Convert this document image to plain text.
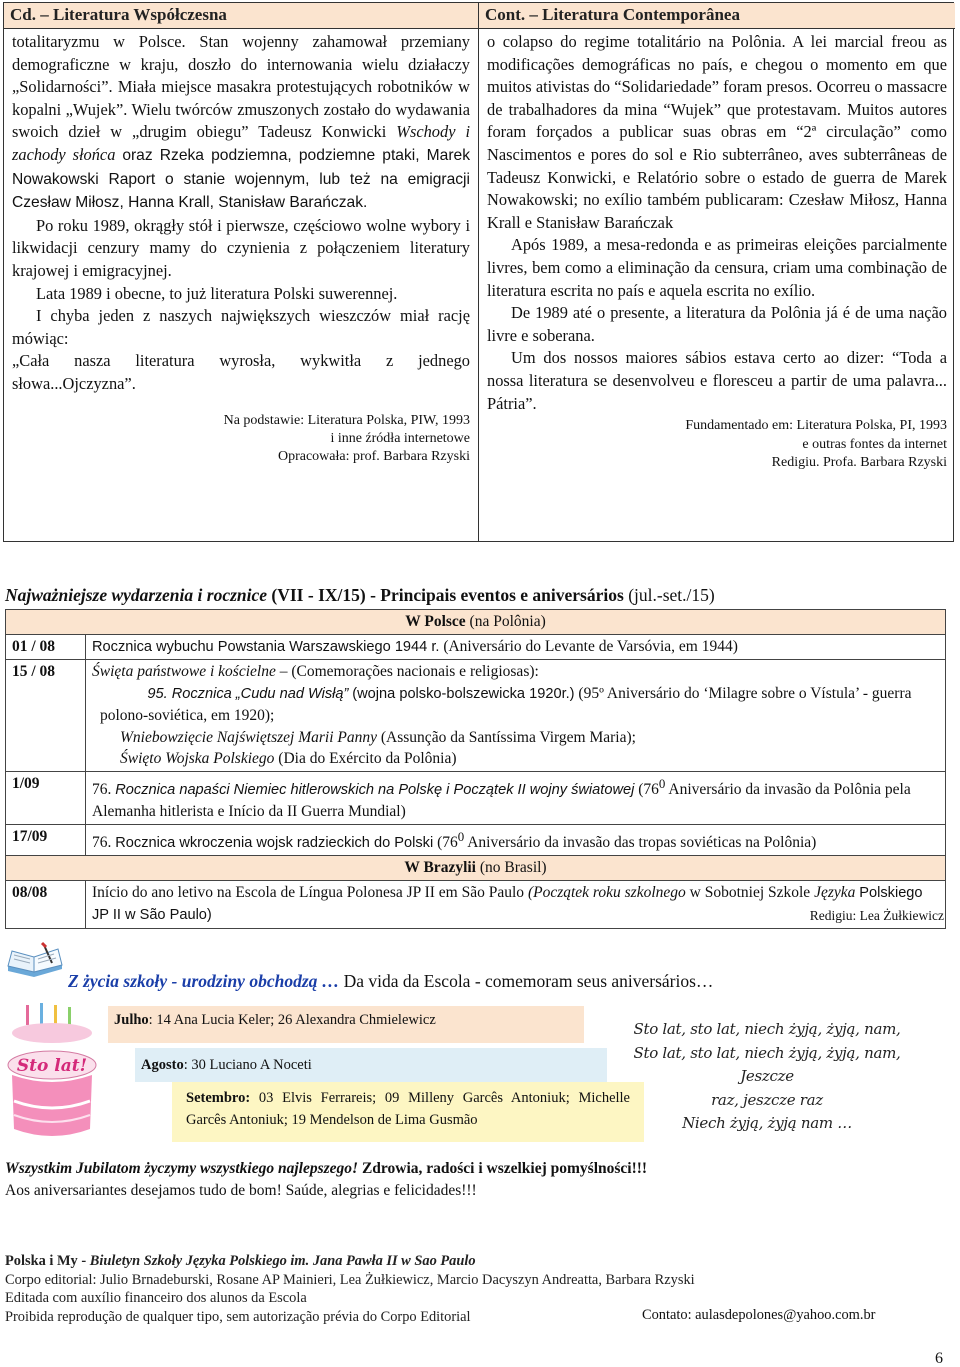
Cd. – Literatura Współczesna

totalitaryzmu w Polsce. Stan wojenny zahamował przemiany demograficzne w kraju, doszło do internowania wielu działaczy „Solidarności”. Miała miejsce masakra protestujących robotników w kopalni „Wujek”. Wielu twórców zmuszonych zostało do wydawania swoich dzieł w „drugim obiegu” Tadeusz Konwicki Wschody i zachody słońca oraz Rzeka podziemna, podziemne ptaki, Marek Nowakowski Raport o stanie wojennym, lub też na emigracji Czesław Miłosz, Hanna Krall, Stanisław Barańczak.

Po roku 1989, okrągły stół i pierwsze, częściowo wolne wybory i likwidacji cenzury mamy do czynienia z połączeniem literatury krajowej i emigracyjnej.

Lata 1989 i obecne, to już literatura Polski suwerennej.

I chyba jeden z naszych największych wieszczów miał rację mówiąc:

„Cała nasza literatura wyrosła, wykwitła z jednego słowa...Ojczyzna”.

Na podstawie: Literatura Polska, PIW, 1993
i inne źródła internetowe
Opracowała: prof. Barbara Rzyski
Cont. – Literatura Contemporânea

o colapso do regime totalitário na Polônia. A lei marcial freou as modificações demográficas no país, e chegou o momento em que muitos ativistas do “Solidariedade” foram presos. Ocorreu o massacre de trabalhadores da mina “Wujek” que protestavam. Muitos autores foram forçados a publicar suas obras em “2ª circulação” como Nascimentos e pores do sol e Rio subterrâneo, aves subterrâneas de Tadeusz Konwicki, e Relatório sobre o estado de guerra de Marek Nowakowski; no exílio também publicaram: Czesław Miłosz, Hanna Krall e Stanisław Barańczak

Após 1989, a mesa-redonda e as primeiras eleições parcialmente livres, bem como a eliminação da censura, criam uma combinação de literatura escrita no país e aquela escrita no exílio.

De 1989 até o presente, a literatura da Polônia já é de uma nação livre e soberana.

Um dos nossos maiores sábios estava certo ao dizer: “Toda a nossa literatura se desenvolveu e floresceu a partir de uma palavra... Pátria”.

Fundamentado em: Literatura Polska, PI, 1993
e outras fontes da internet
Redigiu. Profa. Barbara Rzyski
Najważniejsze wydarzenia i rocznice (VII - IX/15) - Principais eventos e aniversários (jul.-set./15)
W Polsce (na Polônia)	
01 / 08	Rocznica wybuchu Powstania Warszawskiego 1944 r. (Aniversário do Levante de Varsóvia, em 1944)
15 / 08	Święta państwowe i kościelne – (Comemorações nacionais e religiosas):
95. Rocznica „Cudu nad Wisłą” (wojna polsko-bolszewicka 1920r.) (95º Aniversário do ‘Milagre sobre o Vístula’ - guerra polono-soviética, em 1920);
Wniebowzięcie Najświętszej Marii Panny (Assunção da Santíssima Virgem Maria);
Święto Wojska Polskiego (Dia do Exército da Polônia)

1/09	76. Rocznica napaści Niemiec hitlerowskich na Polskę i Początek II wojny światowej ($76^0$ Aniversário da invasão da Polônia pela Alemanha hitlerista e Início da II Guerra Mundial)
17/09	76. Rocznica wkroczenia wojsk radzieckich do Polski ($76^0$ Aniversário da invasão das tropas soviéticas na Polônia)
W Brazylii (no Brasil)	
08/08	Início do ano letivo na Escola de Língua Polonesa JP II em São Paulo (Początek roku szkolnego w Sobotniej Szkole Języka Polskiego JP II w São Paulo)	Redigiu: Lea Żułkiewicz
Z życia szkoły - urodziny obchodzą … Da vida da Escola - comemoram seus aniversários…
Sto lat!
Julho: 14 Ana Lucia Keler; 26 Alexandra Chmielewicz
Agosto: 30 Luciano A Noceti
Setembro: 03 Elvis Ferrareis; 09 Milleny Garcês Antoniuk; Michelle Garcês Antoniuk; 19 Mendelson de Lima Gusmão
Sto lat, sto lat, niech żyją, żyją, nam,
Sto lat, sto lat, niech żyją, żyją, nam, Jeszcze
raz, jeszcze raz
Niech żyją, żyją nam …
Wszystkim Jubilatom życzymy wszystkiego najlepszego! Zdrowia, radości i wszelkiej pomyślności!!!
Aos aniversariantes desejamos tudo de bom! Saúde, alegrias e felicidades!!!
Polska i My - Biuletyn Szkoły Języka Polskiego im. Jana Pawła II w Sao Paulo
Corpo editorial: Julio Brnadeburski, Rosane AP Mainieri, Lea Żułkiewicz, Marcio Dacyszyn Andreatta, Barbara Rzyski
Editada com auxílio financeiro dos alunos da Escola
Proibida reprodução de qualquer tipo, sem autorização prévia do Corpo Editorial	Contato: aulasdepolones@yahoo.com.br
6
